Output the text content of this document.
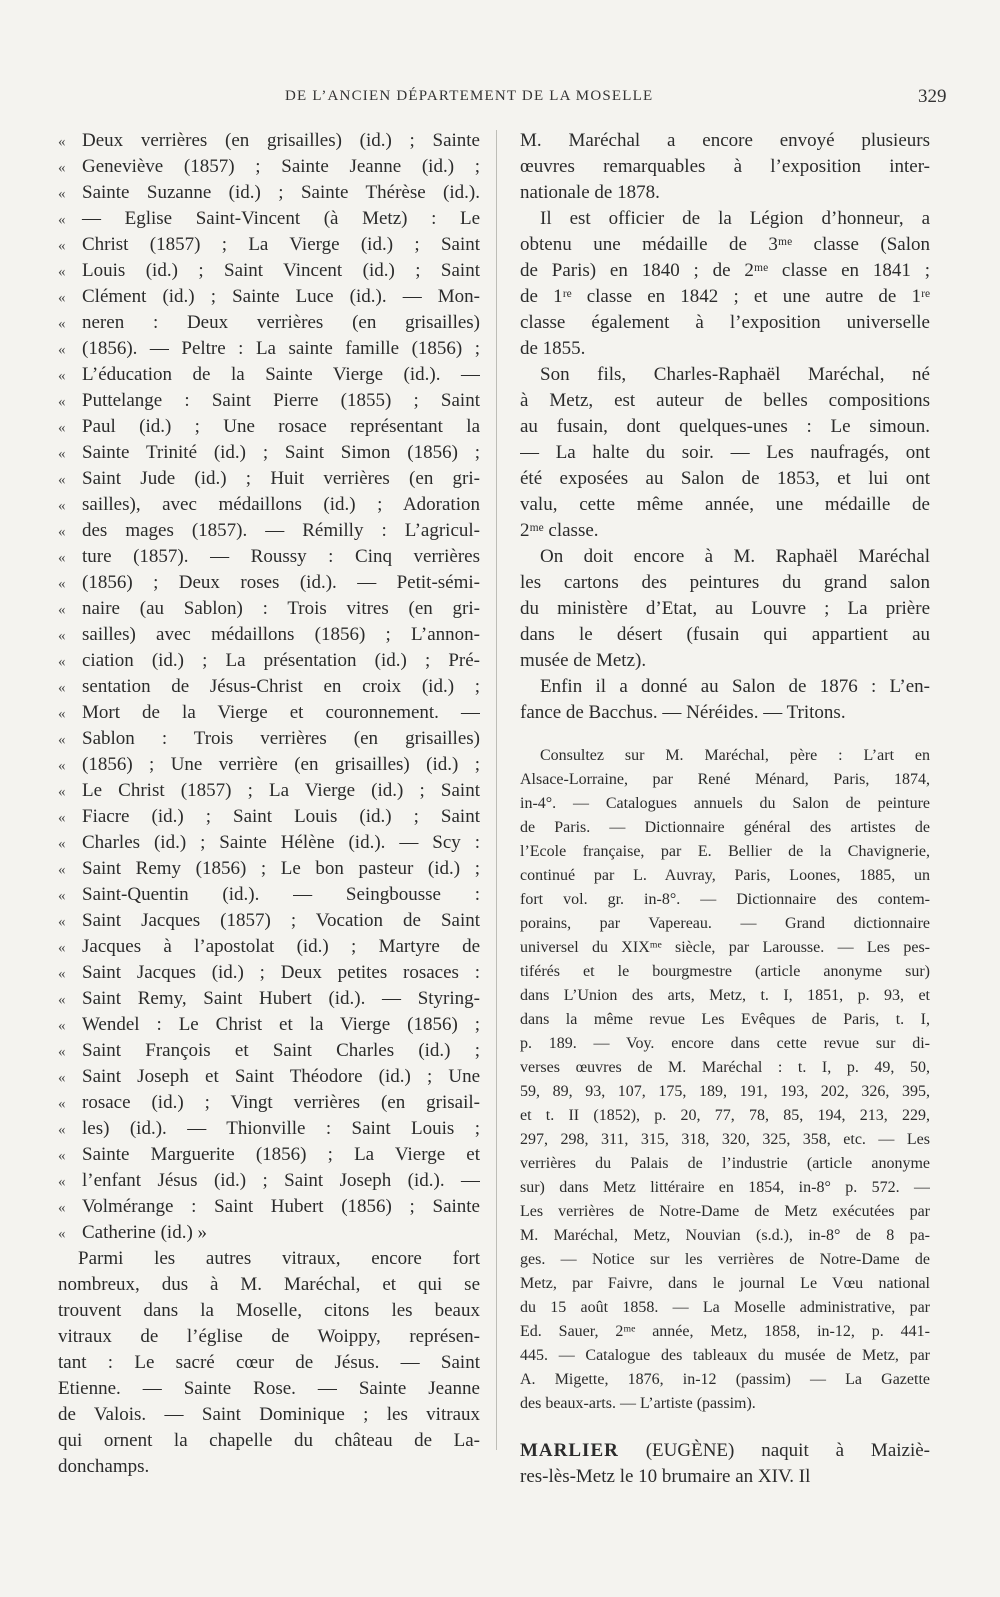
DE L’ANCIEN DÉPARTEMENT DE LA MOSELLE	329
« Deux verrières (en grisailles) (id.) ; Sainte
« Geneviève (1857) ; Sainte Jeanne (id.) ;
« Sainte Suzanne (id.) ; Sainte Thérèse (id.).
« — Eglise Saint-Vincent (à Metz) : Le
« Christ (1857) ; La Vierge (id.) ; Saint
« Louis (id.) ; Saint Vincent (id.) ; Saint
« Clément (id.) ; Sainte Luce (id.). — Mon-
« neren : Deux verrières (en grisailles)
« (1856). — Peltre : La sainte famille (1856) ;
« L’éducation de la Sainte Vierge (id.). —
« Puttelange : Saint Pierre (1855) ; Saint
« Paul (id.) ; Une rosace représentant la
« Sainte Trinité (id.) ; Saint Simon (1856) ;
« Saint Jude (id.) ; Huit verrières (en gri-
« sailles), avec médaillons (id.) ; Adoration
« des mages (1857). — Rémilly : L’agricul-
« ture (1857). — Roussy : Cinq verrières
« (1856) ; Deux roses (id.). — Petit-sémi-
« naire (au Sablon) : Trois vitres (en gri-
« sailles) avec médaillons (1856) ; L’annon-
« ciation (id.) ; La présentation (id.) ; Pré-
« sentation de Jésus-Christ en croix (id.) ;
« Mort de la Vierge et couronnement. —
« Sablon : Trois verrières (en grisailles)
« (1856) ; Une verrière (en grisailles) (id.) ;
« Le Christ (1857) ; La Vierge (id.) ; Saint
« Fiacre (id.) ; Saint Louis (id.) ; Saint
« Charles (id.) ; Sainte Hélène (id.). — Scy :
« Saint Remy (1856) ; Le bon pasteur (id.) ;
« Saint-Quentin (id.). — Seingbousse :
« Saint Jacques (1857) ; Vocation de Saint
« Jacques à l’apostolat (id.) ; Martyre de
« Saint Jacques (id.) ; Deux petites rosaces :
« Saint Remy, Saint Hubert (id.). — Styring-
« Wendel : Le Christ et la Vierge (1856) ;
« Saint François et Saint Charles (id.) ;
« Saint Joseph et Saint Théodore (id.) ; Une
« rosace (id.) ; Vingt verrières (en grisail-
« les) (id.). — Thionville : Saint Louis ;
« Sainte Marguerite (1856) ; La Vierge et
« l’enfant Jésus (id.) ; Saint Joseph (id.). —
« Volmérange : Saint Hubert (1856) ; Sainte
« Catherine (id.) »
Parmi les autres vitraux, encore fort
nombreux, dus à M. Maréchal, et qui se
trouvent dans la Moselle, citons les beaux
vitraux de l’église de Woippy, représen-
tant : Le sacré cœur de Jésus. — Saint
Etienne. — Sainte Rose. — Sainte Jeanne
de Valois. — Saint Dominique ; les vitraux
qui ornent la chapelle du château de La-
donchamps.
M. Maréchal a encore envoyé plusieurs
œuvres remarquables à l’exposition inter-
nationale de 1878.
Il est officier de la Légion d’honneur, a
obtenu une médaille de 3ᵐᵉ classe (Salon
de Paris) en 1840 ; de 2ᵐᵉ classe en 1841 ;
de 1ʳᵉ classe en 1842 ; et une autre de 1ʳᵉ
classe également à l’exposition universelle
de 1855.
Son fils, Charles-Raphaël Maréchal, né
à Metz, est auteur de belles compositions
au fusain, dont quelques-unes : Le simoun.
— La halte du soir. — Les naufragés, ont
été exposées au Salon de 1853, et lui ont
valu, cette même année, une médaille de
2ᵐᵉ classe.
On doit encore à M. Raphaël Maréchal
les cartons des peintures du grand salon
du ministère d’Etat, au Louvre ; La prière
dans le désert (fusain qui appartient au
musée de Metz).
Enfin il a donné au Salon de 1876 : L’en-
fance de Bacchus. — Néréides. — Tritons.
Consultez sur M. Maréchal, père : L’art en
Alsace-Lorraine, par René Ménard, Paris, 1874,
in-4°. — Catalogues annuels du Salon de peinture
de Paris. — Dictionnaire général des artistes de
l’Ecole française, par E. Bellier de la Chavignerie,
continué par L. Auvray, Paris, Loones, 1885, un
fort vol. gr. in-8°. — Dictionnaire des contem-
porains, par Vapereau. — Grand dictionnaire
universel du XIXᵐᵉ siècle, par Larousse. — Les pes-
tiférés et le bourgmestre (article anonyme sur)
dans L’Union des arts, Metz, t. I, 1851, p. 93, et
dans la même revue Les Evêques de Paris, t. I,
p. 189. — Voy. encore dans cette revue sur di-
verses œuvres de M. Maréchal : t. I, p. 49, 50,
59, 89, 93, 107, 175, 189, 191, 193, 202, 326, 395,
et t. II (1852), p. 20, 77, 78, 85, 194, 213, 229,
297, 298, 311, 315, 318, 320, 325, 358, etc. — Les
verrières du Palais de l’industrie (article anonyme
sur) dans Metz littéraire en 1854, in-8° p. 572. —
Les verrières de Notre-Dame de Metz exécutées par
M. Maréchal, Metz, Nouvian (s.d.), in-8° de 8 pa-
ges. — Notice sur les verrières de Notre-Dame de
Metz, par Faivre, dans le journal Le Vœu national
du 15 août 1858. — La Moselle administrative, par
Ed. Sauer, 2ᵐᵉ année, Metz, 1858, in-12, p. 441-
445. — Catalogue des tableaux du musée de Metz, par
A. Migette, 1876, in-12 (passim) — La Gazette
des beaux-arts. — L’artiste (passim).
MARLIER (EUGÈNE) naquit à Maiziè-
res-lès-Metz le 10 brumaire an XIV. Il
